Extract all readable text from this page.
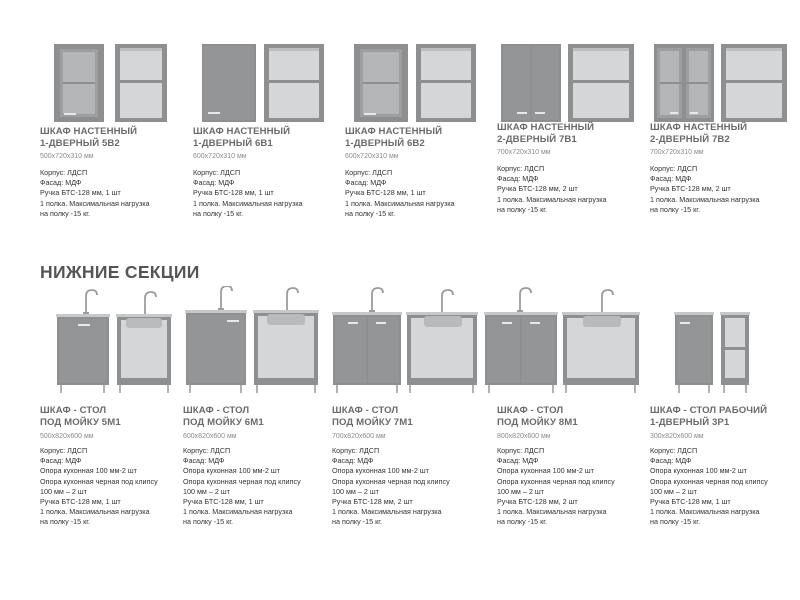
ШКАФ НАСТЕННЫЙ
1-ДВЕРНЫЙ 5В2
500х720х310 мм
Корпус: ЛДСП
Фасад: МДФ
Ручка БТС-128 мм, 1 шт
1 полка. Максимальная нагрузка
на полку -15 кг.
ШКАФ НАСТЕННЫЙ
1-ДВЕРНЫЙ 6В1
600х720х310 мм
Корпус: ЛДСП
Фасад: МДФ
Ручка БТС-128 мм, 1 шт
1 полка. Максимальная нагрузка
на полку -15 кг.
ШКАФ НАСТЕННЫЙ
1-ДВЕРНЫЙ 6В2
600х720х310 мм
Корпус: ЛДСП
Фасад: МДФ
Ручка БТС-128 мм, 1 шт
1 полка. Максимальная нагрузка
на полку -15 кг.
ШКАФ НАСТЕННЫЙ
2-ДВЕРНЫЙ 7В1
700х720х310 мм
Корпус: ЛДСП
Фасад: МДФ
Ручка БТС-128 мм, 2 шт
1 полка. Максимальная нагрузка
на полку -15 кг.
ШКАФ НАСТЕННЫЙ
2-ДВЕРНЫЙ 7В2
700х720х310 мм
Корпус: ЛДСП
Фасад: МДФ
Ручка БТС-128 мм, 2 шт
1 полка. Максимальная нагрузка
на полку -15 кг.
НИЖНИЕ СЕКЦИИ
ШКАФ - СТОЛ
ПОД МОЙКУ 5М1
500х820х600 мм
Корпус: ЛДСП
Фасад: МДФ
Опора кухонная 100 мм-2 шт
Опора кухонная черная под клипсу
100 мм – 2 шт
Ручка БТС-128 мм, 1 шт
1 полка. Максимальная нагрузка
на полку -15 кг.
ШКАФ - СТОЛ
ПОД МОЙКУ 6М1
600х820х600 мм
Корпус: ЛДСП
Фасад: МДФ
Опора кухонная 100 мм-2 шт
Опора кухонная черная под клипсу
100 мм – 2 шт
Ручка БТС-128 мм, 1 шт
1 полка. Максимальная нагрузка
на полку -15 кг.
ШКАФ - СТОЛ
ПОД МОЙКУ 7М1
700х820х600 мм
Корпус: ЛДСП
Фасад: МДФ
Опора кухонная 100 мм-2 шт
Опора кухонная черная под клипсу
100 мм – 2 шт
Ручка БТС-128 мм, 2 шт
1 полка. Максимальная нагрузка
на полку -15 кг.
ШКАФ - СТОЛ
ПОД МОЙКУ 8М1
800х820х600 мм
Корпус: ЛДСП
Фасад: МДФ
Опора кухонная 100 мм-2 шт
Опора кухонная черная под клипсу
100 мм – 2 шт
Ручка БТС-128 мм, 2 шт
1 полка. Максимальная нагрузка
на полку -15 кг.
ШКАФ - СТОЛ РАБОЧИЙ
1-ДВЕРНЫЙ 3Р1
300х820х600 мм
Корпус: ЛДСП
Фасад: МДФ
Опора кухонная 100 мм-2 шт
Опора кухонная черная под клипсу
100 мм – 2 шт
Ручка БТС-128 мм, 1 шт
1 полка. Максимальная нагрузка
на полку -15 кг.
